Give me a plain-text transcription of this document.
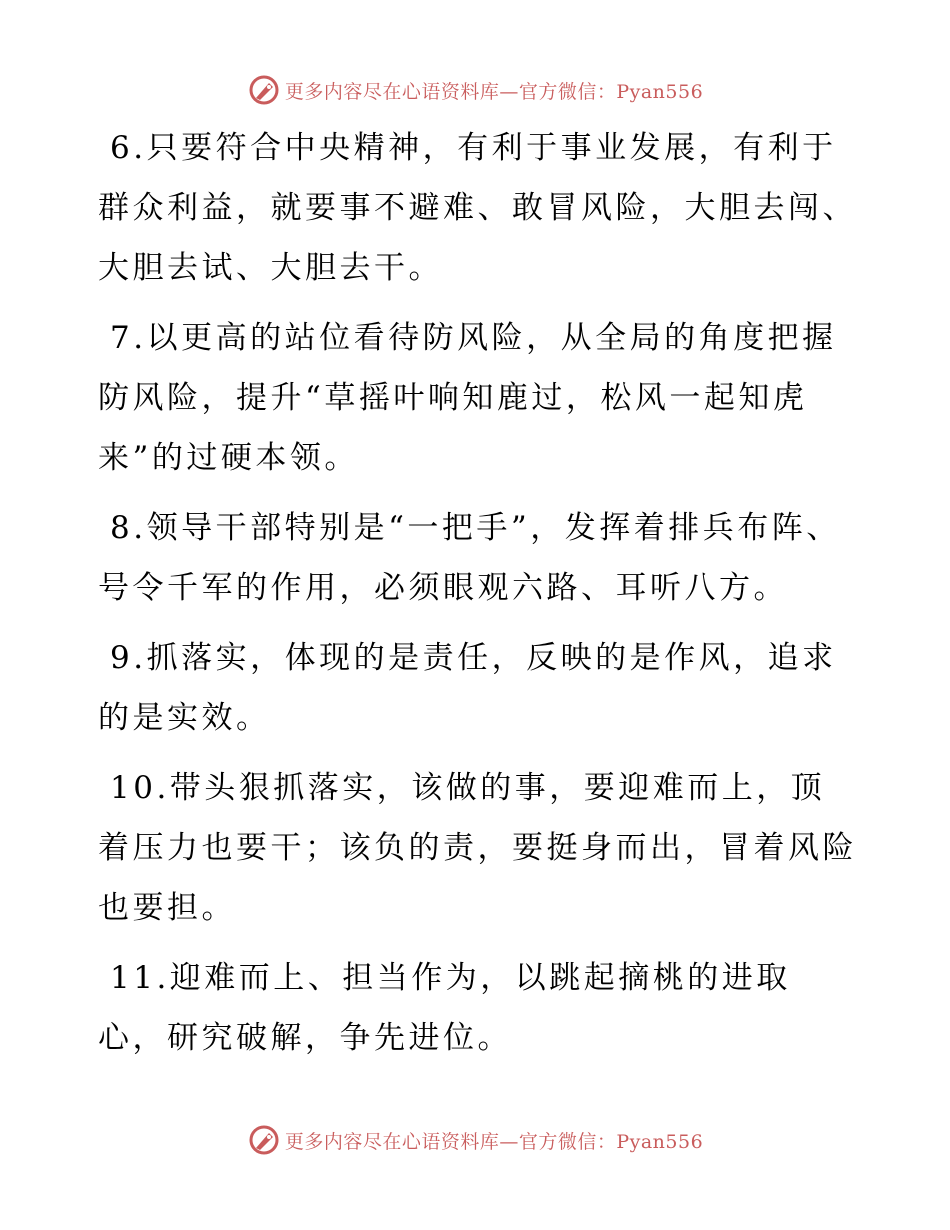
更多内容尽在心语资料库—官方微信：Pyan556

6.只要符合中央精神，有利于事业发展，有利于群众利益，就要事不避难、敢冒风险，大胆去闯、大胆去试、大胆去干。

7.以更高的站位看待防风险，从全局的角度把握防风险，提升“草摇叶响知鹿过，松风一起知虎来”的过硬本领。

8.领导干部特别是“一把手”，发挥着排兵布阵、号令千军的作用，必须眼观六路、耳听八方。

9.抓落实，体现的是责任，反映的是作风，追求的是实效。

10.带头狠抓落实，该做的事，要迎难而上，顶着压力也要干；该负的责，要挺身而出，冒着风险也要担。

11.迎难而上、担当作为，以跳起摘桃的进取心，研究破解，争先进位。

更多内容尽在心语资料库—官方微信：Pyan556
